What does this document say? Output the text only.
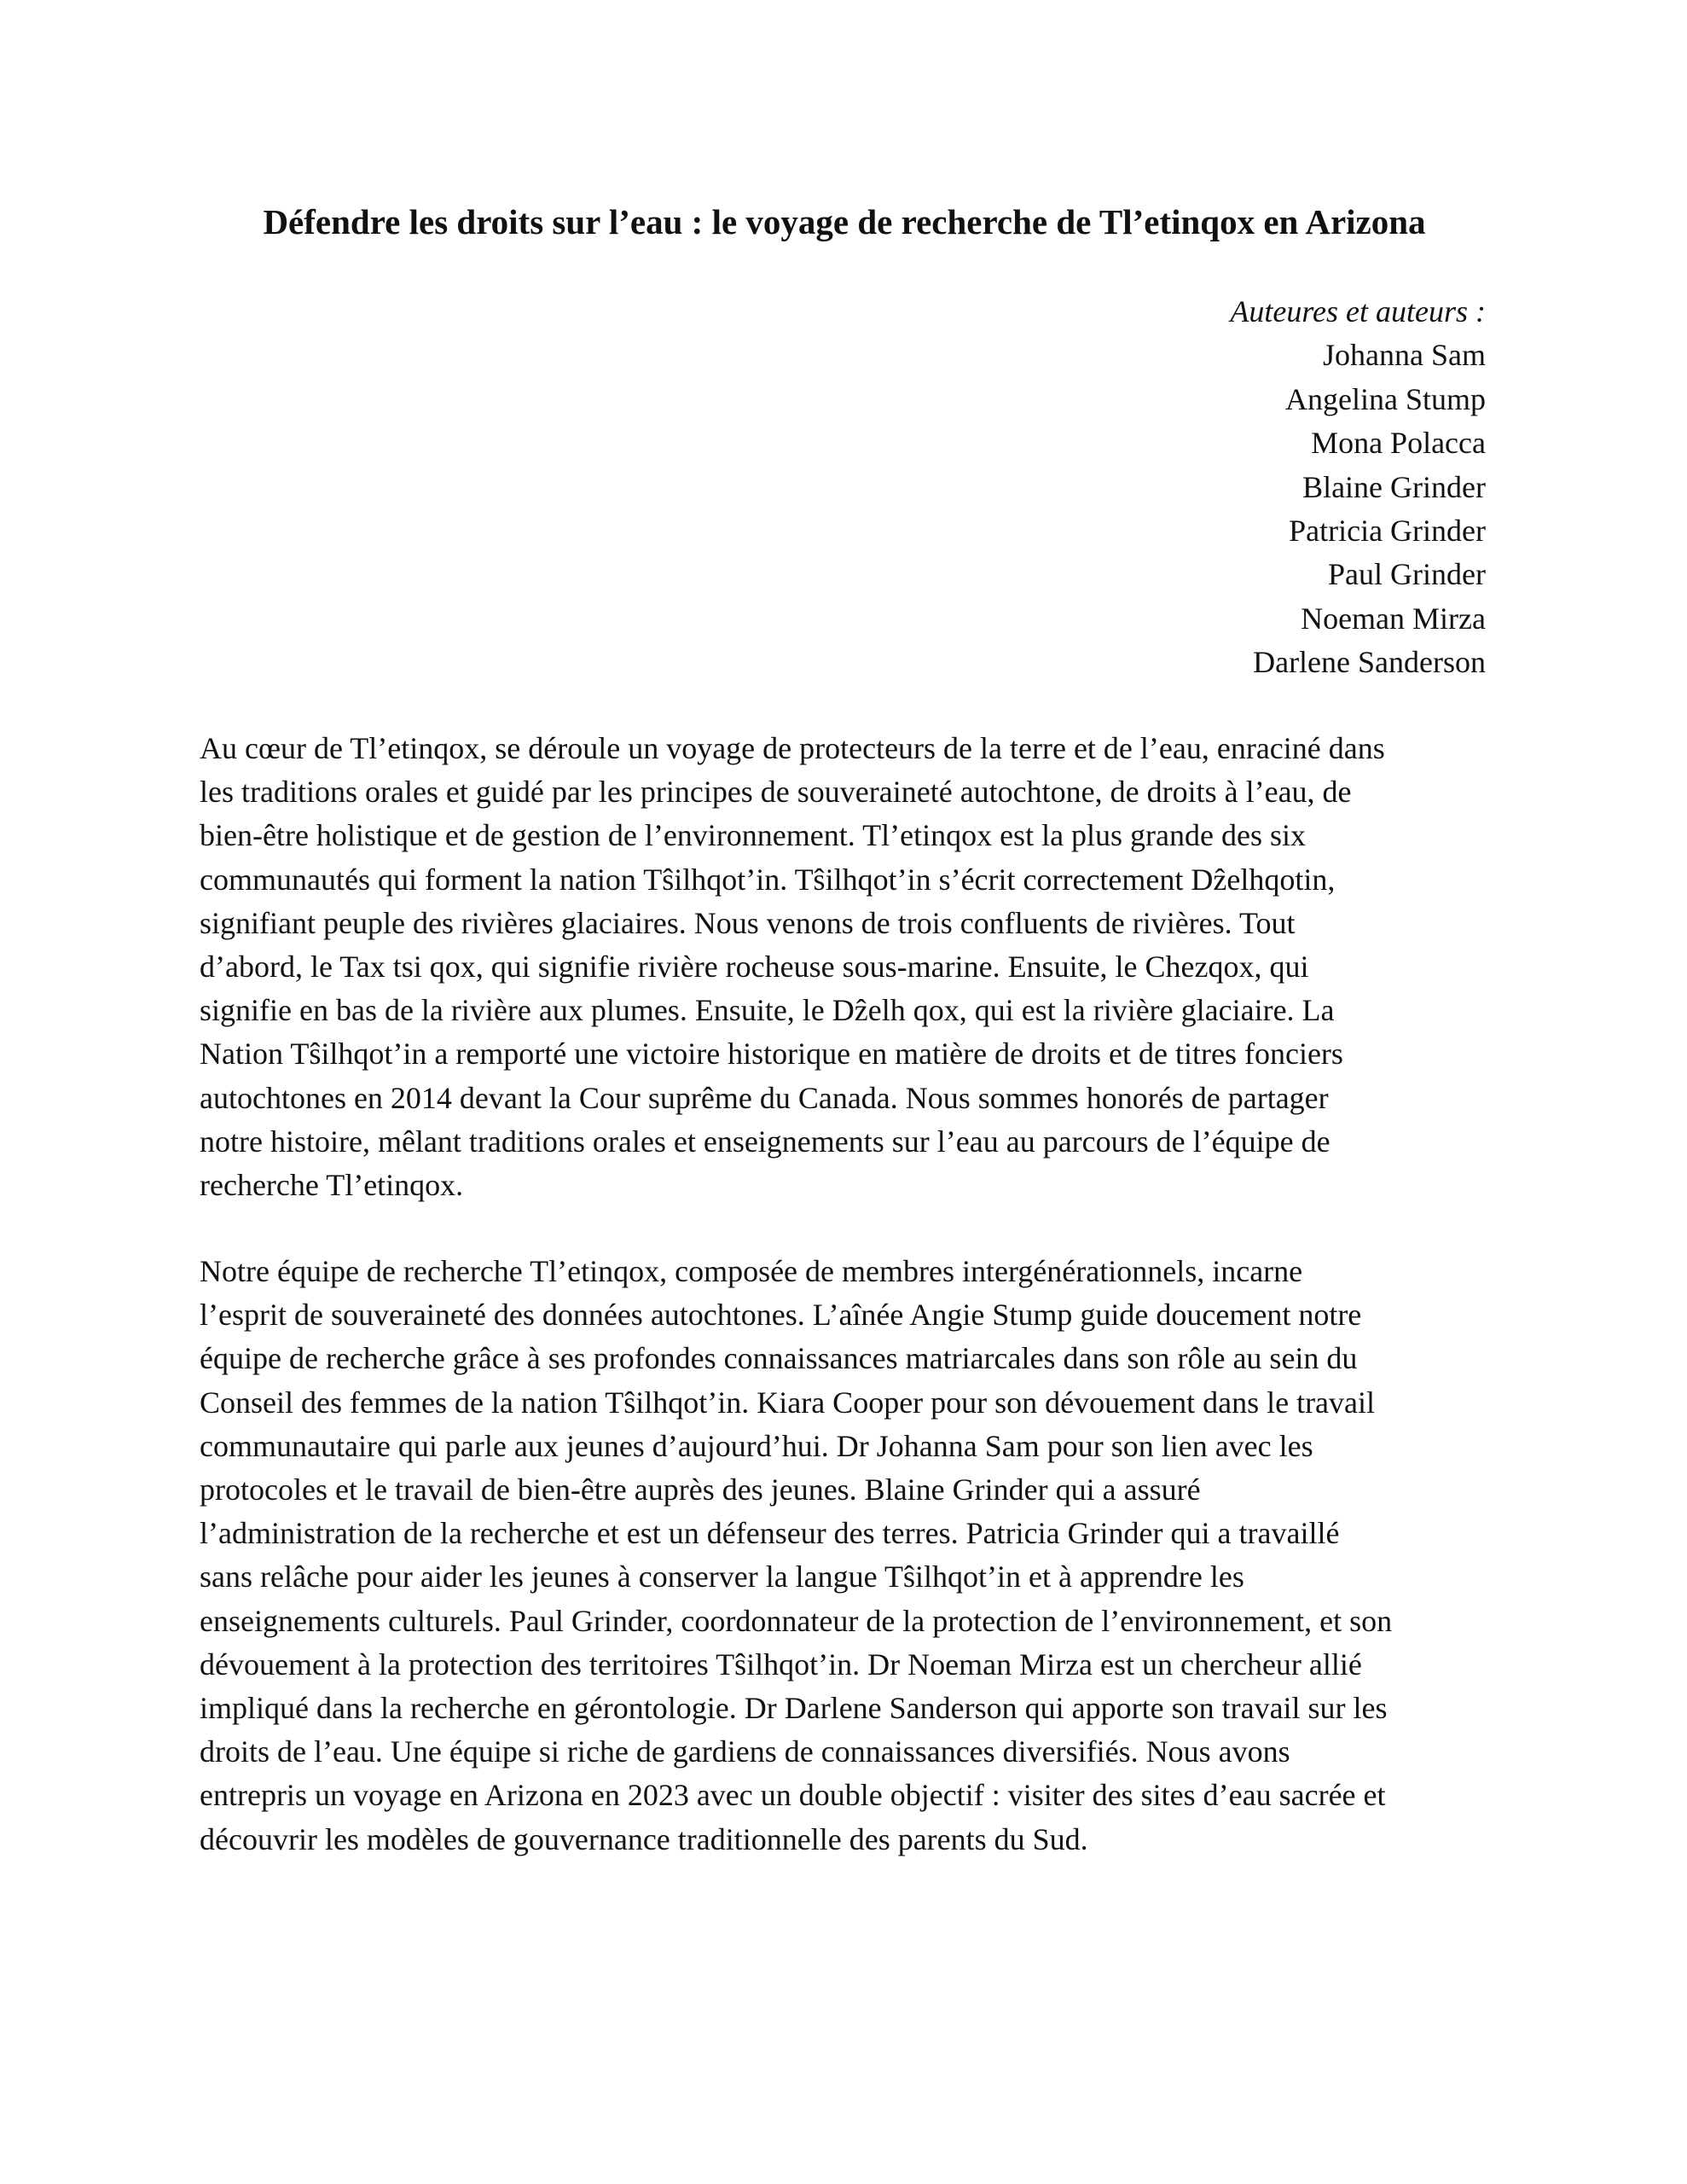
Défendre les droits sur l’eau : le voyage de recherche de Tl’etinqox en Arizona
Auteures et auteurs :
Johanna Sam
Angelina Stump
Mona Polacca
Blaine Grinder
Patricia Grinder
Paul Grinder
Noeman Mirza
Darlene Sanderson

Au cœur de Tl’etinqox, se déroule un voyage de protecteurs de la terre et de l’eau, enraciné dans
les traditions orales et guidé par les principes de souveraineté autochtone, de droits à l’eau, de
bien-être holistique et de gestion de l’environnement. Tl’etinqox est la plus grande des six
communautés qui forment la nation Tŝilhqot’in. Tŝilhqot’in s’écrit correctement Dẑelhqotin,
signifiant peuple des rivières glaciaires. Nous venons de trois confluents de rivières. Tout
d’abord, le Tax tsi qox, qui signifie rivière rocheuse sous-marine. Ensuite, le Chezqox, qui
signifie en bas de la rivière aux plumes. Ensuite, le Dẑelh qox, qui est la rivière glaciaire. La
Nation Tŝilhqot’in a remporté une victoire historique en matière de droits et de titres fonciers
autochtones en 2014 devant la Cour suprême du Canada. Nous sommes honorés de partager
notre histoire, mêlant traditions orales et enseignements sur l’eau au parcours de l’équipe de
recherche Tl’etinqox.

Notre équipe de recherche Tl’etinqox, composée de membres intergénérationnels, incarne
l’esprit de souveraineté des données autochtones. L’aînée Angie Stump guide doucement notre
équipe de recherche grâce à ses profondes connaissances matriarcales dans son rôle au sein du
Conseil des femmes de la nation Tŝilhqot’in. Kiara Cooper pour son dévouement dans le travail
communautaire qui parle aux jeunes d’aujourd’hui. Dr Johanna Sam pour son lien avec les
protocoles et le travail de bien-être auprès des jeunes. Blaine Grinder qui a assuré
l’administration de la recherche et est un défenseur des terres. Patricia Grinder qui a travaillé
sans relâche pour aider les jeunes à conserver la langue Tŝilhqot’in et à apprendre les
enseignements culturels. Paul Grinder, coordonnateur de la protection de l’environnement, et son
dévouement à la protection des territoires Tŝilhqot’in. Dr Noeman Mirza est un chercheur allié
impliqué dans la recherche en gérontologie. Dr Darlene Sanderson qui apporte son travail sur les
droits de l’eau. Une équipe si riche de gardiens de connaissances diversifiés. Nous avons
entrepris un voyage en Arizona en 2023 avec un double objectif : visiter des sites d’eau sacrée et
découvrir les modèles de gouvernance traditionnelle des parents du Sud.
